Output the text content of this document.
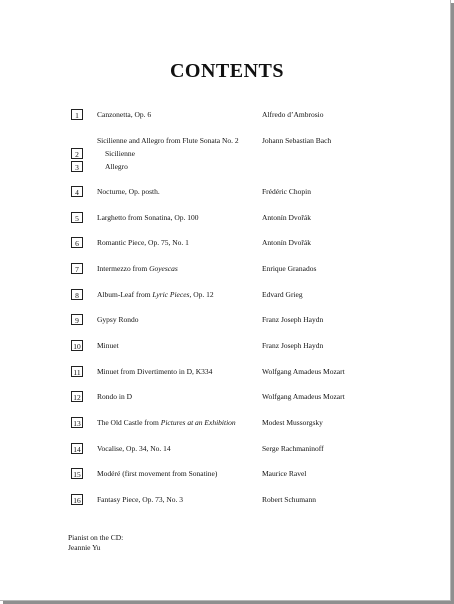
CONTENTS
1	Canzonetta, Op. 6	Alfredo d’Ambrosio
Sicilienne and Allegro from Flute Sonata No. 2	Johann Sebastian Bach
2	Sicilienne
3	Allegro
4	Nocturne, Op. posth.	Frédéric Chopin
5	Larghetto from Sonatina, Op. 100	Antonín Dvořák
6	Romantic Piece, Op. 75, No. 1	Antonín Dvořák
7	Intermezzo from Goyescas	Enrique Granados
8	Album-Leaf from Lyric Pieces, Op. 12	Edvard Grieg
9	Gypsy Rondo	Franz Joseph Haydn
10	Minuet	Franz Joseph Haydn
11	Minuet from Divertimento in D, K334	Wolfgang Amadeus Mozart
12	Rondo in D	Wolfgang Amadeus Mozart
13	The Old Castle from Pictures at an Exhibition	Modest Mussorgsky
14	Vocalise, Op. 34, No. 14	Serge Rachmaninoff
15	Modéré (first movement from Sonatine)	Maurice Ravel
16	Fantasy Piece, Op. 73, No. 3	Robert Schumann
Pianist on the CD:
Jeannie Yu
